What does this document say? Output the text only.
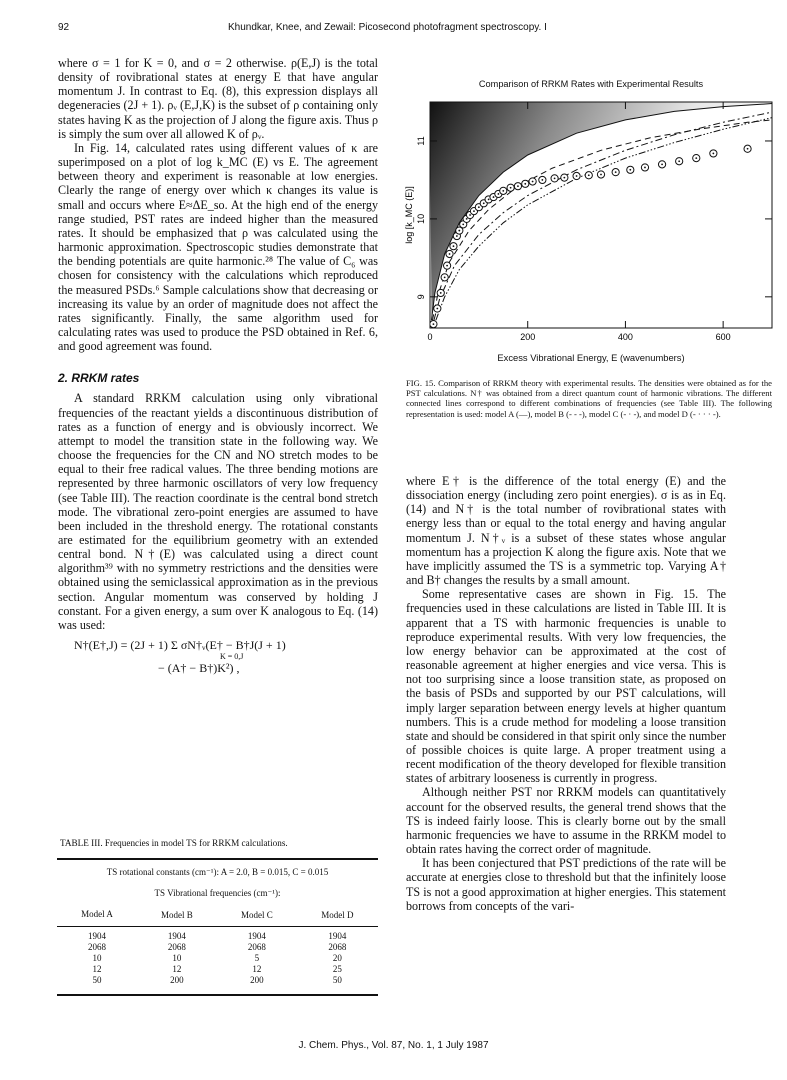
92	Khundkar, Knee, and Zewail: Picosecond photofragment spectroscopy. I

where σ = 1 for K = 0, and σ = 2 otherwise. ρ(E,J) is the total density of rovibrational states at energy E that have angular momentum J. In contrast to Eq. (8), this expression displays all degeneracies (2J + 1). ρᵥ (E,J,K) is the subset of ρ containing only states having K as the projection of J along the figure axis. Thus ρ is simply the sum over all allowed K of ρᵥ.

In Fig. 14, calculated rates using different values of κ are superimposed on a plot of log k_MC (E) vs E. The agreement between theory and experiment is reasonable at low energies. Clearly the range of energy over which κ changes its value is small and occurs where E≈ΔE_so. At the high end of the energy range studied, PST rates are indeed higher than the measured rates. It should be emphasized that ρ was calculated using the harmonic approximation. Spectroscopic studies demonstrate that the bending potentials are quite harmonic.²⁸ The value of C₆ was chosen for consistency with the calculations which reproduced the measured PSDs.⁶ Sample calculations show that decreasing or increasing its value by an order of magnitude does not affect the rates significantly. Finally, the same algorithm used for calculating rates was used to produce the PSD obtained in Ref. 6, and good agreement was found.

2. RRKM rates

A standard RRKM calculation using only vibrational frequencies of the reactant yields a discontinuous distribution of rates as a function of energy and is obviously incorrect. We attempt to model the transition state in the following way. We choose the frequencies for the CN and NO stretch modes to be equal to their free radical values. The three bending motions are represented by three harmonic oscillators of very low frequency (see Table III). The reaction coordinate is the central bond stretch mode. The vibrational zero-point energies are assumed to have been included in the threshold energy. The rotational constants are estimated for the equilibrium geometry with an extended central bond. N†(E) was calculated using a direct count algorithm³⁹ with no symmetry restrictions and the densities were obtained using the semiclassical approximation as in the previous section. Angular momentum was conserved by holding J constant. For a given energy, a sum over K analogous to Eq. (14) was used:

N†(E†,J) = (2J + 1) Σ σN†ᵥ(E† − B†J(J + 1)
K = 0,J
− (A† − B†)K²) ,
TABLE III. Frequencies in model TS for RRKM calculations.

TS rotational constants (cm⁻¹): A = 2.0, B = 0.015, C = 0.015			
TS Vibrational frequencies (cm⁻¹):			
Model A	Model B	Model C	Model D

1904	1904	1904	1904
2068	2068	2068	2068
10	10	5	20
12	12	12	25
50	200	200	50

Comparison of RRKM Rates with Experimental Results
0	200	400	600
9
10
11
log [k_MC (E)]
Excess Vibrational Energy, E (wavenumbers)
FIG. 15. Comparison of RRKM theory with experimental results. The densities were obtained as for the PST calculations. N† was obtained from a direct quantum count of harmonic vibrations. The different connected lines correspond to different combinations of frequencies (see Table III). The following representation is used: model A (—), model B (- - -), model C (- · -), and model D (- · · · -).

where E† is the difference of the total energy (E) and the dissociation energy (including zero point energies). σ is as in Eq. (14) and N† is the total number of rovibrational states with energy less than or equal to the total energy and having angular momentum J. N†ᵥ is a subset of these states whose angular momentum has a projection K along the figure axis. Note that we have implicitly assumed the TS is a symmetric top. Varying A† and B† changes the results by a small amount.

Some representative cases are shown in Fig. 15. The frequencies used in these calculations are listed in Table III. It is apparent that a TS with harmonic frequencies is unable to reproduce experimental results. With very low frequencies, the low energy behavior can be approximated at the cost of reasonable agreement at higher energies and vice versa. This is not too surprising since a loose transition state, as proposed on the basis of PSDs and supported by our PST calculations, will imply larger separation between energy levels at higher quantum numbers. This is a crude method for modeling a loose transition state and should be considered in that spirit only since the number of possible choices is quite large. A proper treatment using a recent modification of the theory developed for flexible transition states of arbitrary looseness is currently in progress.

Although neither PST nor RRKM models can quantitatively account for the observed results, the general trend shows that the TS is indeed fairly loose. This is clearly borne out by the small harmonic frequencies we have to assume in the RRKM model to obtain rates having the correct order of magnitude.

It has been conjectured that PST predictions of the rate will be accurate at energies close to threshold but that the infinitely loose TS is not a good approximation at higher energies. This statement borrows from concepts of the vari-

J. Chem. Phys., Vol. 87, No. 1, 1 July 1987
